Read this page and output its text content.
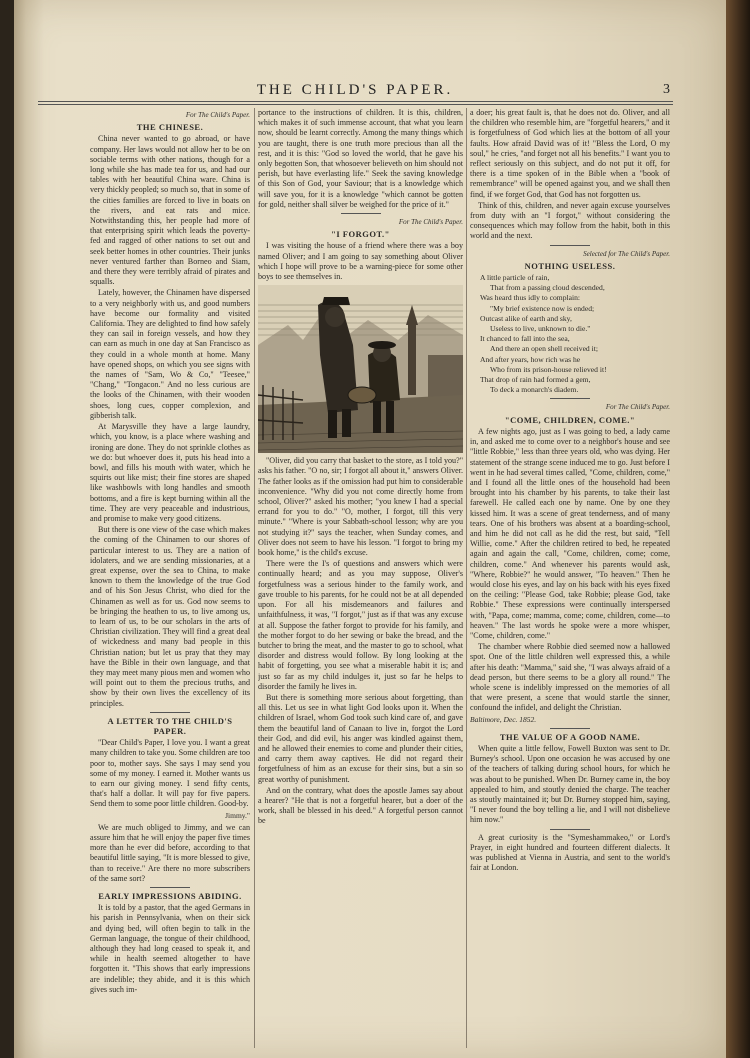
THE CHILD'S PAPER.	3
For The Child's Paper.
THE CHINESE.

China never wanted to go abroad, or have company. Her laws would not allow her to be on sociable terms with other nations, though for a long while she has made tea for us, and had our tables with her beautiful China ware. China is very thickly peopled; so much so, that in some of the cities families are forced to live in boats on the rivers, and eat rats and mice. Notwithstanding this, her people had more of that enterprising spirit which leads the poverty-fed and ragged of other nations to set out and seek better homes in other countries. Their junks never ventured farther than Borneo and Siam, and there they were terribly afraid of pirates and squalls.

Lately, however, the Chinamen have dispersed to a very neighborly with us, and good numbers have become our formality and visited California. They are delighted to find how safely they can sail in foreign vessels, and how they can earn as much in one day at San Francisco as they could in a whole month at home. Many have opened shops, on which you see signs with the names of "Sam, Wo & Co," "Teesee," "Chang," "Tongacon." And no less curious are the looks of the Chinamen, with their wooden shoes, long cues, copper complexion, and gibberish talk.

At Marysville they have a large laundry, which, you know, is a place where washing and ironing are done. They do not sprinkle clothes as we do: but whoever does it, puts his head into a bowl, and fills his mouth with water, which he squirts out like mist; their fine stores are shaped like washbowls with long handles and smooth bottoms, and a fire is kept burning within all the time. They are very peaceable and industrious, and promise to make very good citizens.

But there is one view of the case which makes the coming of the Chinamen to our shores of particular interest to us. They are a nation of idolaters, and we are sending missionaries, at a great expense, over the sea to China, to make known to them the knowledge of the true God and of his Son Jesus Christ, who died for the Chinamen as well as for us. God now seems to be bringing the heathen to us, to live among us, to learn of us, to be our scholars in the arts of Christian civilization. They will find a great deal of wickedness and many bad people in this Christian nation; but let us pray that they may have the Bible in their own language, and that they may meet many pious men and women who will point out to them the precious truths, and show by their own lives the excellency of its principles.

A LETTER TO THE CHILD'S PAPER.

"Dear Child's Paper, I love you. I want a great many children to take you. Some children are too poor to, mother says. She says I may send you some of my money. I earned it. Mother wants us to earn our giving money. I send fifty cents, that's half a dollar. It will pay for five papers. Send them to some poor little children. Good-by.

Jimmy."

We are much obliged to Jimmy, and we can assure him that he will enjoy the paper five times more than he ever did before, according to that beautiful little saying, "It is more blessed to give, than to receive." Are there no more subscribers of the same sort?

EARLY IMPRESSIONS ABIDING.

It is told by a pastor, that the aged Germans in his parish in Pennsylvania, when on their sick and dying bed, will often begin to talk in the German language, the tongue of their childhood, although they had long ceased to speak it, and while in health seemed altogether to have forgotten it. "This shows that early impressions are indelible; they abide, and it is this which gives such im-

portance to the instructions of children. It is this, children, which makes it of such immense account, that what you learn now, should be learnt correctly. Among the many things which you are taught, there is one truth more precious than all the rest, and it is this: "God so loved the world, that he gave his only begotten Son, that whosoever believeth on him should not perish, but have everlasting life." Seek the saving knowledge of this Son of God, your Saviour; that is a knowledge which will save you, for it is a knowledge "which cannot be gotten for gold, neither shall silver be weighed for the price of it."

For The Child's Paper.
"I FORGOT."

I was visiting the house of a friend where there was a boy named Oliver; and I am going to say something about Oliver which I hope will prove to be a warning-piece for some other boys to see themselves in.

"Oliver, did you carry that basket to the store, as I told you?" asks his father. "O no, sir; I forgot all about it," answers Oliver. The father looks as if the omission had put him to considerable inconvenience. "Why did you not come directly home from school, Oliver?" asked his mother; "you knew I had a special errand for you to do." "O, mother, I forgot, till this very minute." "Where is your Sabbath-school lesson; why are you not studying it?" says the teacher, when Sunday comes, and Oliver does not seem to have his lesson. "I forgot to bring my book home," is the child's excuse.

There were the I's of questions and answers which were continually heard; and as you may suppose, Oliver's forgetfulness was a serious hinder to the family work, and gave trouble to his parents, for he could not be at all depended upon. For all his misdemeanors and failures and unfaithfulness, it was, "I forgot," just as if that was any excuse at all. Suppose the father forgot to provide for his family, and the mother forgot to do her sewing or bake the bread, and the butcher to bring the meat, and the master to go to school, what disorder and distress would follow. By long looking at the habit of forgetting, you see what a miserable habit it is; and just so far as my child indulges it, just so far he helps to disorder the family he lives in.

But there is something more serious about forgetting, than all this. Let us see in what light God looks upon it. When the children of Israel, whom God took such kind care of, and gave them the beautiful land of Canaan to live in, forgot the Lord their God, and did evil, his anger was kindled against them, and he allowed their enemies to come and plunder their cities, and carry them away captives. He did not regard their forgetfulness of him as an excuse for their sins, but a sin so great worthy of punishment.

And on the contrary, what does the apostle James say about a hearer? "He that is not a forgetful hearer, but a doer of the work, shall be blessed in his deed." A forgetful person cannot be

a doer; his great fault is, that he does not do. Oliver, and all the children who resemble him, are "forgetful hearers," and it is forgetfulness of God which lies at the bottom of all your faults. How afraid David was of it! "Bless the Lord, O my soul," he cries, "and forget not all his benefits." I want you to reflect seriously on this subject, and do not put it off, for there is a time spoken of in the Bible when a "book of remembrance" will be opened against you, and we shall then find, if we forget God, that God has not forgotten us.

Think of this, children, and never again excuse yourselves from duty with an "I forgot," without considering the consequences which may follow from the habit, both in this world and the next.

Selected for The Child's Paper.
NOTHING USELESS.
A little particle of rain,
That from a passing cloud descended,
Was heard thus idly to complain:
"My brief existence now is ended;
Outcast alike of earth and sky,
Useless to live, unknown to die."
It chanced to fall into the sea,
And there an open shell received it;
And after years, how rich was he
Who from its prison-house relieved it!
That drop of rain had formed a gem,
To deck a monarch's diadem.
For The Child's Paper.
"COME, CHILDREN, COME."

A few nights ago, just as I was going to bed, a lady came in, and asked me to come over to a neighbor's house and see "little Robbie," less than three years old, who was dying. Her statement of the strange scene induced me to go. Just before I went in he had several times called, "Come, children, come," and I found all the little ones of the household had been brought into his chamber by his parents, to take their last farewell. He called each one by name. One by one they kissed him. It was a scene of great tenderness, and of many tears. One of his brothers was absent at a boarding-school, and him he did not call as he did the rest, but said, "Tell Willie, come." After the children retired to bed, he repeated again and again the call, "Come, children, come; come, children, come." And whenever his parents would ask, "Where, Robbie?" he would answer, "To heaven." Then he would close his eyes, and lay on his back with his eyes fixed on the ceiling: "Please God, take Robbie; please God, take Robbie." These expressions were continually interspersed with, "Papa, come; mamma, come; come, children, come—to heaven." The last words he spoke were a more whisper, "Come, children, come."

The chamber where Robbie died seemed now a hallowed spot. One of the little children well expressed this, a while after his death: "Mamma," said she, "I was always afraid of a dead person, but there seems to be a glory all round." The whole scene is indelibly impressed on the memories of all that were present, a scene that would startle the sinner, confound the infidel, and delight the Christian.

Baltimore, Dec. 1852.
THE VALUE OF A GOOD NAME.

When quite a little fellow, Fowell Buxton was sent to Dr. Burney's school. Upon one occasion he was accused by one of the teachers of talking during school hours, for which he was about to be punished. When Dr. Burney came in, the boy appealed to him, and stoutly denied the charge. The teacher as stoutly maintained it; but Dr. Burney stopped him, saying, "I never found the boy telling a lie, and I will not disbelieve him now."

A great curiosity is the "Symeshammakeo," or Lord's Prayer, in eight hundred and fourteen different dialects. It was published at Vienna in Austria, and sent to the world's fair at London.
